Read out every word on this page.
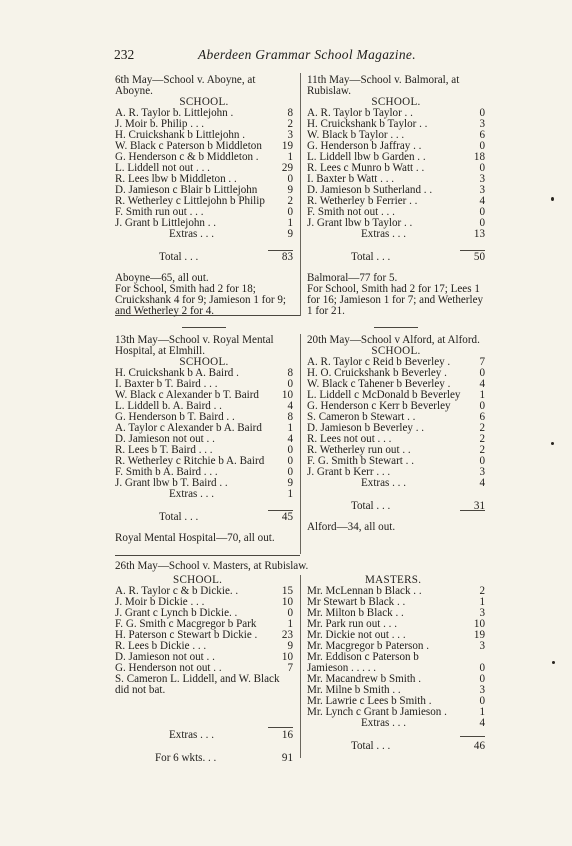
232	Aberdeen Grammar School Magazine.

6th May—School v. Aboyne, at Aboyne.

SCHOOL.

A. R. Taylor b. Littlejohn .	8
J. Moir b. Philip . . .	2
H. Cruickshank b Littlejohn .	3
W. Black c Paterson b Middleton	19
G. Henderson c & b Middleton .	1
L. Liddell not out . . .	29
R. Lees lbw b Middleton . .	0
D. Jamieson c Blair b Littlejohn	9
R. Wetherley c Littlejohn b Philip	2
F. Smith run out . . .	0
J. Grant b Littlejohn . .	1
Extras . . .	9
Total . . .	83

Aboyne—65, all out.

For School, Smith had 2 for 18; Cruickshank 4 for 9; Jamieson 1 for 9; and Wetherley 2 for 4.

11th May—School v. Balmoral, at Rubislaw.

SCHOOL.

A. R. Taylor b Taylor . .	0
H. Cruickshank b Taylor . .	3
W. Black b Taylor . . .	6
G. Henderson b Jaffray . .	0
L. Liddell lbw b Garden . .	18
R. Lees c Munro b Watt . .	0
I. Baxter b Watt . . .	3
D. Jamieson b Sutherland . .	3
R. Wetherley b Ferrier . .	4
F. Smith not out . . .	0
J. Grant lbw b Taylor . .	0
Extras . . .	13
Total . . .	50

Balmoral—77 for 5.

For School, Smith had 2 for 17; Lees 1 for 16; Jamieson 1 for 7; and Wetherley 1 for 21.

13th May—School v. Royal Mental Hospital, at Elmhill.

SCHOOL.

H. Cruickshank b A. Baird .	8
I. Baxter b T. Baird . . .	0
W. Black c Alexander b T. Baird	10
L. Liddell b. A. Baird . .	4
G. Henderson b T. Baird . .	8
A. Taylor c Alexander b A. Baird	1
D. Jamieson not out . .	4
R. Lees b T. Baird . . .	0
R. Wetherley c Ritchie b A. Baird	0
F. Smith b A. Baird . . .	0
J. Grant lbw b T. Baird . .	9
Extras . . .	1
Total . . .	45

Royal Mental Hospital—70, all out.

20th May—School v Alford, at Alford.

SCHOOL.

A. R. Taylor c Reid b Beverley .	7
H. O. Cruickshank b Beverley .	0
W. Black c Tahener b Beverley .	4
L. Liddell c McDonald b Beverley	1
G. Henderson c Kerr b Beverley	0
S. Cameron b Stewart . .	6
D. Jamieson b Beverley . .	2
R. Lees not out . . .	2
R. Wetherley run out . .	2
F. G. Smith b Stewart . .	0
J. Grant b Kerr . . .	3
Extras . . .	4
Total . . .	31

Alford—34, all out.

26th May—School v. Masters, at Rubislaw.

SCHOOL.

A. R. Taylor c & b Dickie. .	15
J. Moir b Dickie . . .	10
J. Grant c Lynch b Dickie. .	0
F. G. Smith c Macgregor b Park	1
H. Paterson c Stewart b Dickie .	23
R. Lees b Dickie . . .	9
D. Jamieson not out . .	10
G. Henderson not out . .	7

S. Cameron L. Liddell, and W. Black did not bat.

Extras . . .	16
For 6 wkts. . .	91

MASTERS.

Mr. McLennan b Black . .	2
Mr Stewart b Black . .	1
Mr. Milton b Black . .	3
Mr. Park run out . . .	10
Mr. Dickie not out . . .	19
Mr. Macgregor b Paterson .	3
Mr. Eddison c Paterson b
Jamieson . . . . .	0
Mr. Macandrew b Smith .	0
Mr. Milne b Smith . .	3
Mr. Lawrie c Lees b Smith .	0
Mr. Lynch c Grant b Jamieson .	1
Extras . . .	4
Total . . .	46
